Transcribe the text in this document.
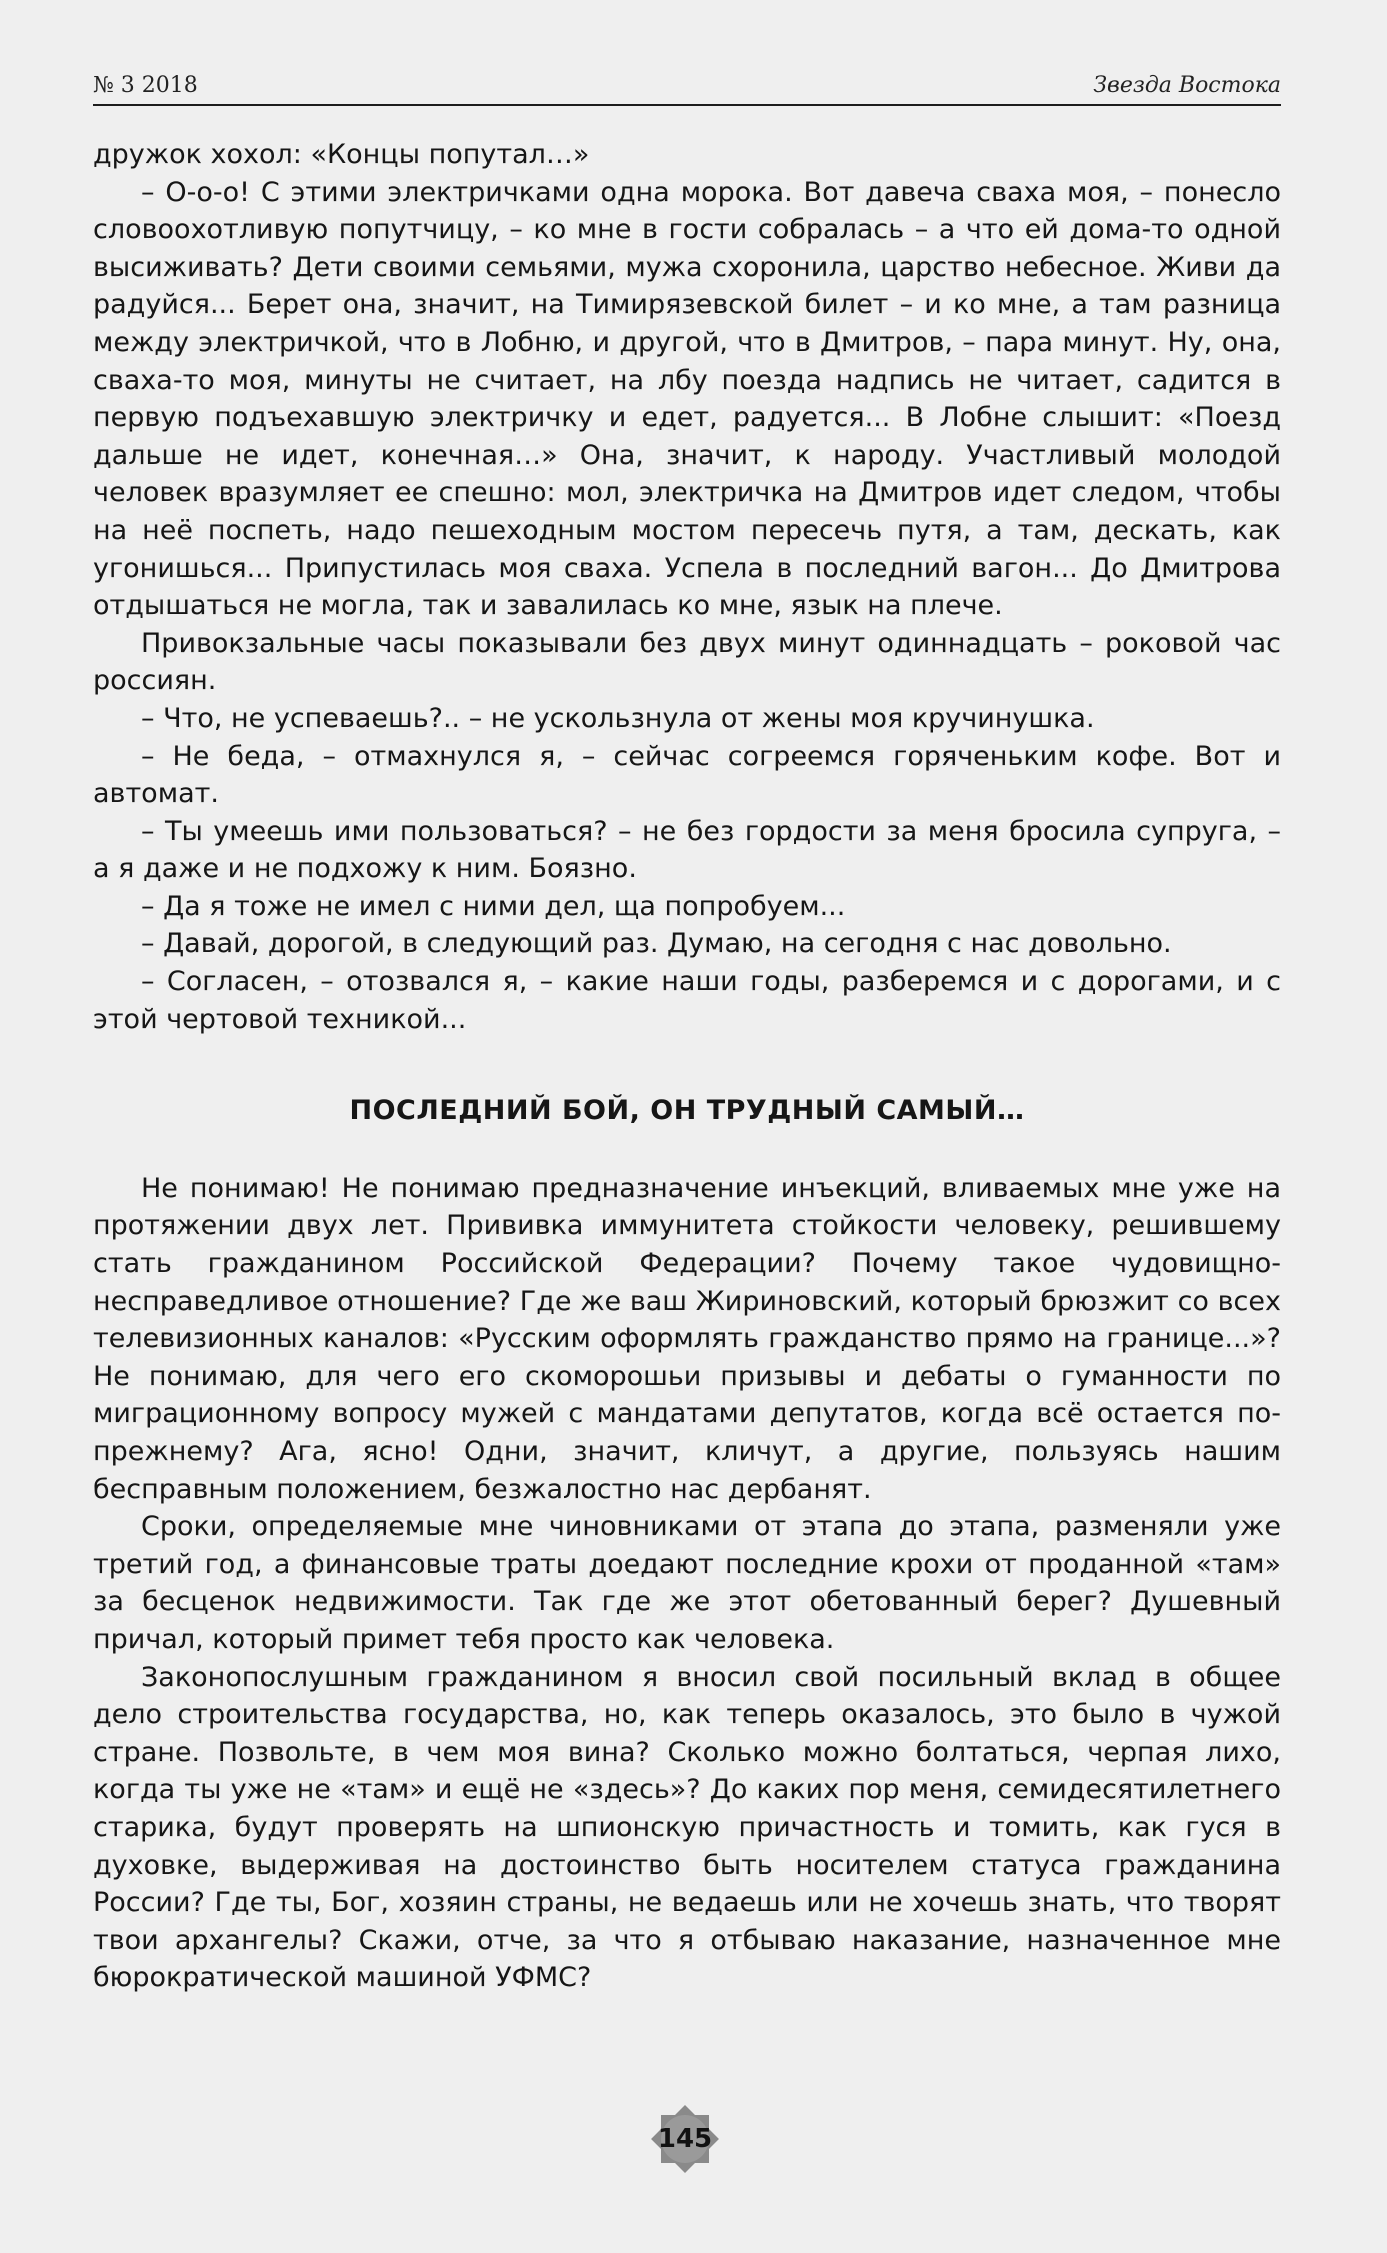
№ 3 2018	Звезда Востока

дружок хохол: «Концы попутал…»

– О-о-о! С этими электричками одна морока. Вот давеча сваха моя, – понесло словоохотливую попутчицу, – ко мне в гости собралась – а что ей дома-то одной высиживать? Дети своими семьями, мужа схоронила, царство небесное. Живи да радуйся... Берет она, значит, на Тимирязевской билет – и ко мне, а там разница между электричкой, что в Лобню, и другой, что в Дмитров, – пара минут. Ну, она, сваха-то моя, минуты не считает, на лбу поезда надпись не читает, садится в первую подъехавшую электричку и едет, радуется... В Лобне слышит: «Поезд дальше не идет, конечная…» Она, значит, к народу. Участливый молодой человек вразумляет ее спешно: мол, электричка на Дмитров идет следом, чтобы на неё поспеть, надо пешеходным мостом пересечь путя, а там, дескать, как угонишься... Припустилась моя сваха. Успела в последний вагон... До Дмитрова отдышаться не могла, так и завалилась ко мне, язык на плече.

Привокзальные часы показывали без двух минут одиннадцать – роковой час россиян.

– Что, не успеваешь?.. – не ускользнула от жены моя кручинушка.

– Не беда, – отмахнулся я, – сейчас согреемся горяченьким кофе. Вот и автомат.

– Ты умеешь ими пользоваться? – не без гордости за меня бросила супруга, – а я даже и не подхожу к ним. Боязно.

– Да я тоже не имел с ними дел, ща попробуем...

– Давай, дорогой, в следующий раз. Думаю, на сегодня с нас довольно.

– Согласен, – отозвался я, – какие наши годы, разберемся и с дорогами, и с этой чертовой техникой...

ПОСЛЕДНИЙ БОЙ, ОН ТРУДНЫЙ САМЫЙ…

Не понимаю! Не понимаю предназначение инъекций, вливаемых мне уже на протяжении двух лет. Прививка иммунитета стойкости человеку, решившему стать гражданином Российской Федерации? Почему такое чудовищно-несправедливое отношение? Где же ваш Жириновский, который брюзжит со всех телевизионных каналов: «Русским оформлять гражданство прямо на границе...»? Не понимаю, для чего его скоморошьи призывы и дебаты о гуманности по миграционному вопросу мужей с мандатами депутатов, когда всё остается по-прежнему? Ага, ясно! Одни, значит, кличут, а другие, пользуясь нашим бесправным положением, безжалостно нас дербанят.

Сроки, определяемые мне чиновниками от этапа до этапа, разменяли уже третий год, а финансовые траты доедают последние крохи от проданной «там» за бесценок недвижимости. Так где же этот обетованный берег? Душевный причал, который примет тебя просто как человека.

Законопослушным гражданином я вносил свой посильный вклад в общее дело строительства государства, но, как теперь оказалось, это было в чужой стране. Позвольте, в чем моя вина? Сколько можно болтаться, черпая лихо, когда ты уже не «там» и ещё не «здесь»? До каких пор меня, семидесятилетнего старика, будут проверять на шпионскую причастность и томить, как гуся в духовке, выдерживая на достоинство быть носителем статуса гражданина России? Где ты, Бог, хозяин страны, не ведаешь или не хочешь знать, что творят твои архангелы? Скажи, отче, за что я отбываю наказание, назначенное мне бюрократической машиной УФМС?

145
